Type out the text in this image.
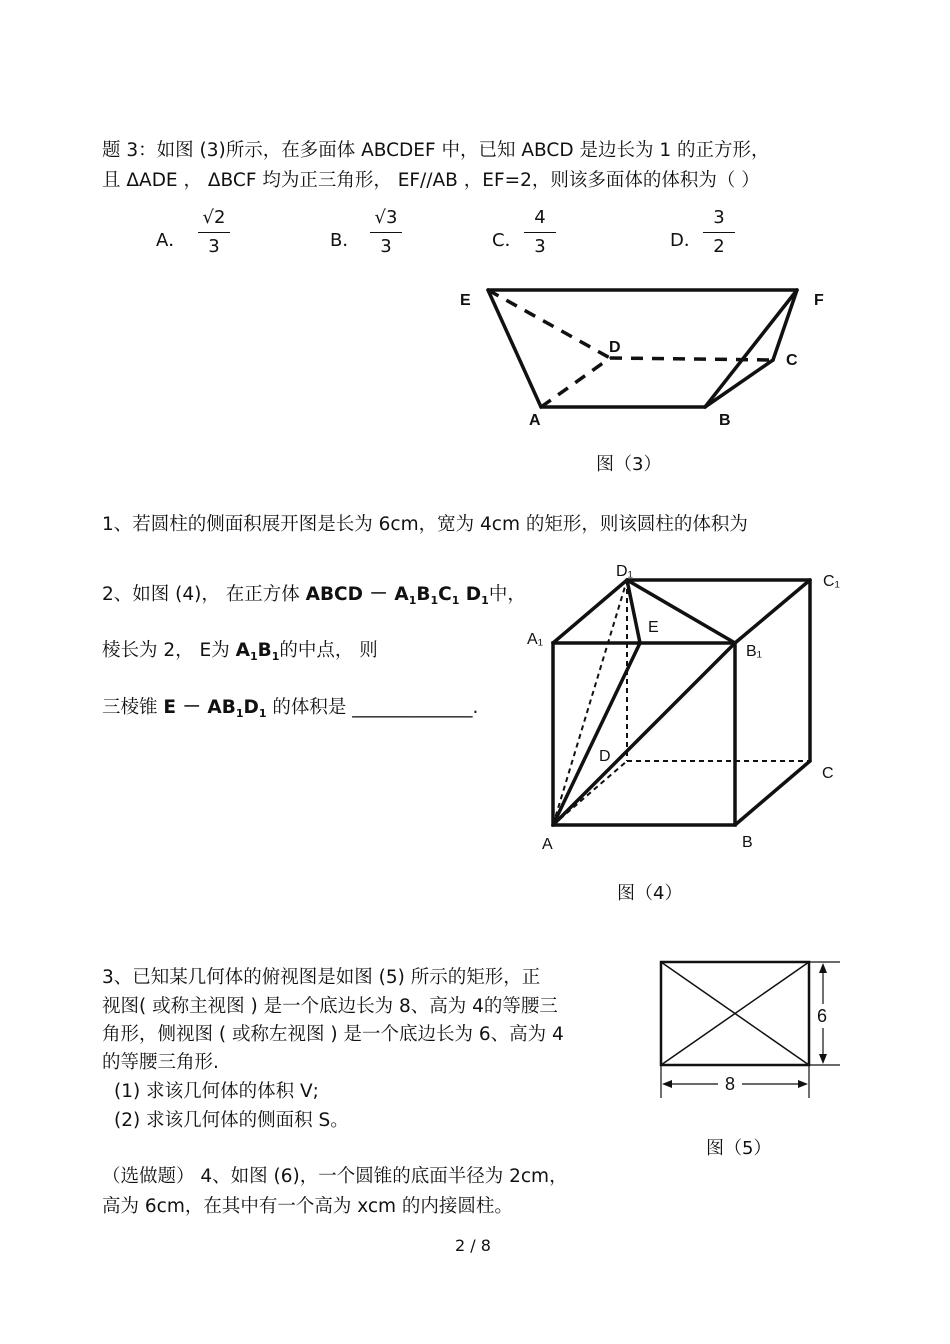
题 3：如图 (3)所示，在多面体 ABCDEF 中，已知 ABCD 是边长为 1 的正方形，
且 ΔADE ， ΔBCF 均为正三角形， EF//AB ，EF=2，则该多面体的体积为（ ）
A．
√2
3	B．
√3
3	C．
4
3	D．
3
2
E	F
D
C
A	B
图（3）
1、若圆柱的侧面积展开图是长为 6cm，宽为 4cm 的矩形，则该圆柱的体积为
2、如图 (4)， 在正方体 ABCD － $A_1B_1C_1$ $D_1$中，
棱长为 2， E为 $A_1B_1$的中点， 则
三棱锥 $E - AB_1D_1$ 的体积是 _____________.
D₁
C₁
A₁
E
B₁
D
C
A	B
图（4）
3、已知某几何体的俯视图是如图 (5) 所示的矩形，正
视图( 或称主视图 ) 是一个底边长为 8、高为 4的等腰三
角形，侧视图 ( 或称左视图 ) 是一个底边长为 6、高为 4
的等腰三角形.
(1) 求该几何体的体积 V;
(2) 求该几何体的侧面积 S。
8
6
图（5）
（选做题） 4、如图 (6)，一个圆锥的底面半径为 2cm，
高为 6cm，在其中有一个高为 xcm 的内接圆柱。
2 / 8
